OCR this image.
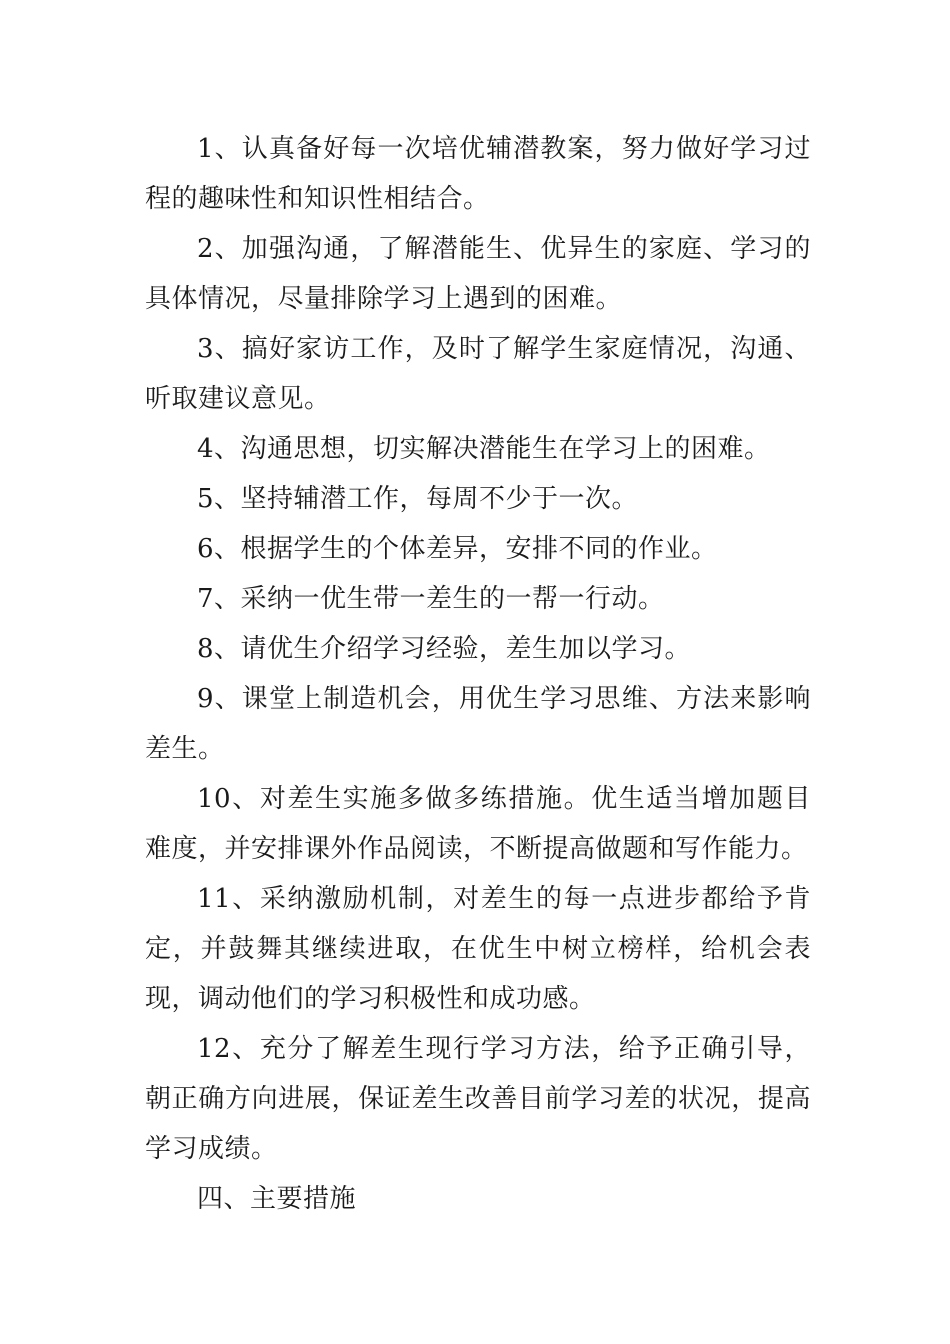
1、认真备好每一次培优辅潜教案，努力做好学习过程的趣味性和知识性相结合。

2、加强沟通，了解潜能生、优异生的家庭、学习的具体情况，尽量排除学习上遇到的困难。

3、搞好家访工作，及时了解学生家庭情况，沟通、听取建议意见。

4、沟通思想，切实解决潜能生在学习上的困难。

5、坚持辅潜工作，每周不少于一次。

6、根据学生的个体差异，安排不同的作业。

7、采纳一优生带一差生的一帮一行动。

8、请优生介绍学习经验，差生加以学习。

9、课堂上制造机会，用优生学习思维、方法来影响差生。

10、对差生实施多做多练措施。优生适当增加题目难度，并安排课外作品阅读，不断提高做题和写作能力。

11、采纳激励机制，对差生的每一点进步都给予肯定，并鼓舞其继续进取，在优生中树立榜样，给机会表现，调动他们的学习积极性和成功感。

12、充分了解差生现行学习方法，给予正确引导，朝正确方向进展，保证差生改善目前学习差的状况，提高学习成绩。

四、主要措施
